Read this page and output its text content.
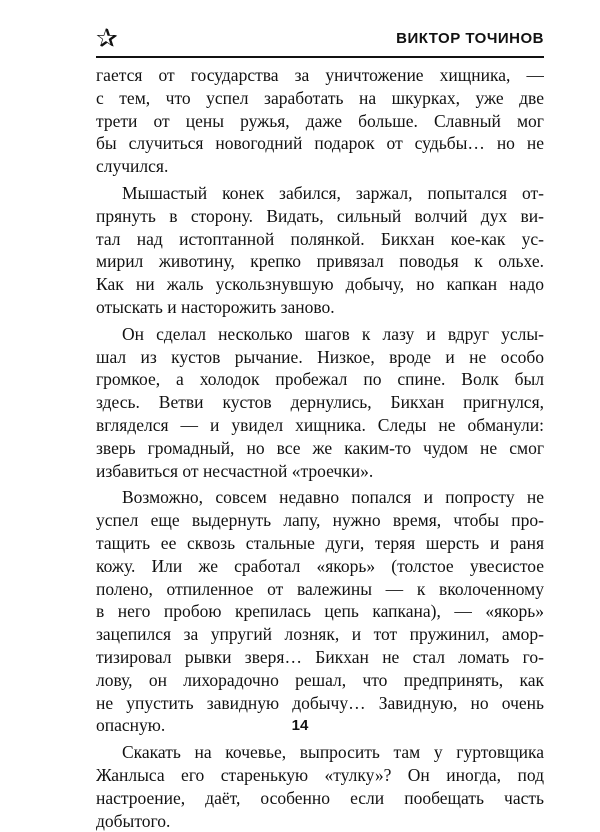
✰	ВИКТОР ТОЧИНОВ
гается от государства за уничтожение хищника, —
с тем, что успел заработать на шкурках, уже две
трети от цены ружья, даже больше. Славный мог
бы случиться новогодний подарок от судьбы… но не
случился.
Мышастый конек забился, заржал, попытался от-
прянуть в сторону. Видать, сильный волчий дух ви-
тал над истоптанной полянкой. Бикхан кое-как ус-
мирил животину, крепко привязал поводья к ольхе.
Как ни жаль ускользнувшую добычу, но капкан надо
отыскать и насторожить заново.
Он сделал несколько шагов к лазу и вдруг услы-
шал из кустов рычание. Низкое, вроде и не особо
громкое, а холодок пробежал по спине. Волк был
здесь. Ветви кустов дернулись, Бикхан пригнулся,
вгляделся — и увидел хищника. Следы не обманули:
зверь громадный, но все же каким-то чудом не смог
избавиться от несчастной «троечки».
Возможно, совсем недавно попался и попросту не
успел еще выдернуть лапу, нужно время, чтобы про-
тащить ее сквозь стальные дуги, теряя шерсть и раня
кожу. Или же сработал «якорь» (толстое увесистое
полено, отпиленное от валежины — к вколоченному
в него пробою крепилась цепь капкана), — «якорь»
зацепился за упругий лозняк, и тот пружинил, амор-
тизировал рывки зверя… Бикхан не стал ломать го-
лову, он лихорадочно решал, что предпринять, как
не упустить завидную добычу… Завидную, но очень
опасную.
Скакать на кочевье, выпросить там у гуртовщика
Жанлыса его старенькую «тулку»? Он иногда, под
настроение, даёт, особенно если пообещать часть
добытого.
14
